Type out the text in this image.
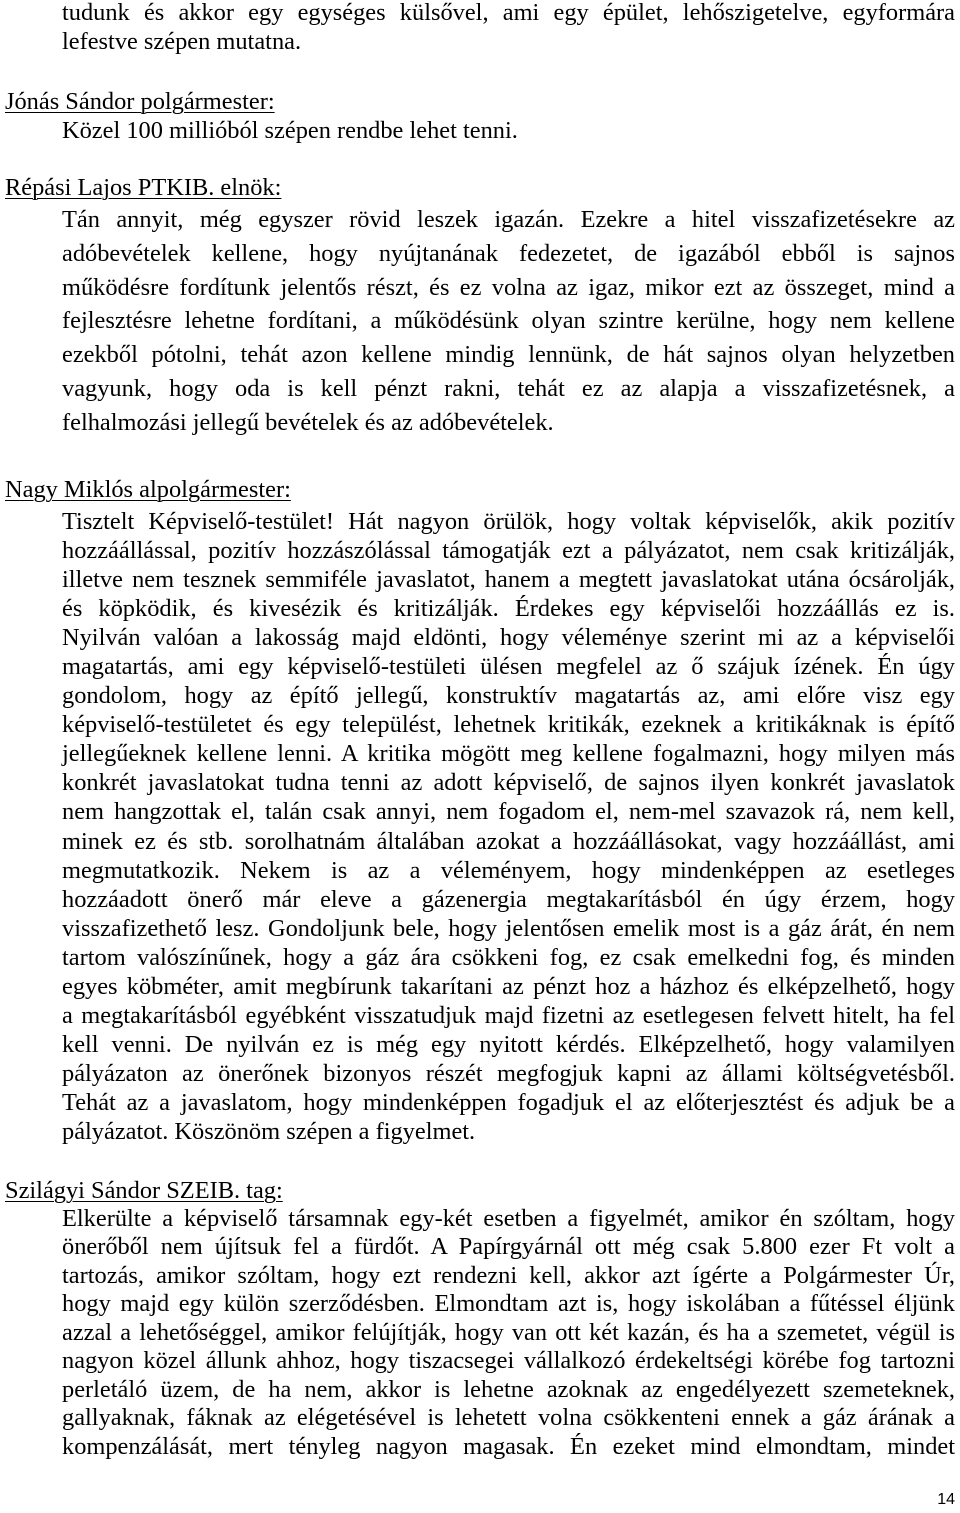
tudunk és akkor egy egységes külsővel, ami egy épület, lehőszigetelve, egyformára
lefestve szépen mutatna.
Jónás Sándor polgármester:
Közel 100 millióból szépen rendbe lehet tenni.
Répási Lajos PTKIB. elnök:
Tán annyit, még egyszer rövid leszek igazán. Ezekre a hitel visszafizetésekre az
adóbevételek kellene, hogy nyújtanának fedezetet, de igazából ebből is sajnos
működésre fordítunk jelentős részt, és ez volna az igaz, mikor ezt az összeget, mind a
fejlesztésre lehetne fordítani, a működésünk olyan szintre kerülne, hogy nem kellene
ezekből pótolni, tehát azon kellene mindig lennünk, de hát sajnos olyan helyzetben
vagyunk, hogy oda is kell pénzt rakni, tehát ez az alapja a visszafizetésnek, a
felhalmozási jellegű bevételek és az adóbevételek.
Nagy Miklós alpolgármester:
Tisztelt Képviselő-testület! Hát nagyon örülök, hogy voltak képviselők, akik pozitív
hozzáállással, pozitív hozzászólással támogatják ezt a pályázatot, nem csak kritizálják,
illetve nem tesznek semmiféle javaslatot, hanem a megtett javaslatokat utána ócsárolják,
és köpködik, és kivesézik és kritizálják. Érdekes egy képviselői hozzáállás ez is.
Nyilván valóan a lakosság majd eldönti, hogy véleménye szerint mi az a képviselői
magatartás, ami egy képviselő-testületi ülésen megfelel az ő szájuk ízének. Én úgy
gondolom, hogy az építő jellegű, konstruktív magatartás az, ami előre visz egy
képviselő-testületet és egy települést, lehetnek kritikák, ezeknek a kritikáknak is építő
jellegűeknek kellene lenni. A kritika mögött meg kellene fogalmazni, hogy milyen más
konkrét javaslatokat tudna tenni az adott képviselő, de sajnos ilyen konkrét javaslatok
nem hangzottak el, talán csak annyi, nem fogadom el, nem-mel szavazok rá, nem kell,
minek ez és stb. sorolhatnám általában azokat a hozzáállásokat, vagy hozzáállást, ami
megmutatkozik. Nekem is az a véleményem, hogy mindenképpen az esetleges
hozzáadott önerő már eleve a gázenergia megtakarításból én úgy érzem, hogy
visszafizethető lesz. Gondoljunk bele, hogy jelentősen emelik most is a gáz árát, én nem
tartom valószínűnek, hogy a gáz ára csökkeni fog, ez csak emelkedni fog, és minden
egyes köbméter, amit megbírunk takarítani az pénzt hoz a házhoz és elképzelhető, hogy
a megtakarításból egyébként visszatudjuk majd fizetni az esetlegesen felvett hitelt, ha fel
kell venni. De nyilván ez is még egy nyitott kérdés. Elképzelhető, hogy valamilyen
pályázaton az önerőnek bizonyos részét megfogjuk kapni az állami költségvetésből.
Tehát az a javaslatom, hogy mindenképpen fogadjuk el az előterjesztést és adjuk be a
pályázatot. Köszönöm szépen a figyelmet.
Szilágyi Sándor SZEIB. tag:
Elkerülte a képviselő társamnak egy-két esetben a figyelmét, amikor én szóltam, hogy
önerőből nem újítsuk fel a fürdőt. A Papírgyárnál ott még csak 5.800 ezer Ft volt a
tartozás, amikor szóltam, hogy ezt rendezni kell, akkor azt ígérte a Polgármester Úr,
hogy majd egy külön szerződésben. Elmondtam azt is, hogy iskolában a fűtéssel éljünk
azzal a lehetőséggel, amikor felújítják, hogy van ott két kazán, és ha a szemetet, végül is
nagyon közel állunk ahhoz, hogy tiszacsegei vállalkozó érdekeltségi körébe fog tartozni
perletáló üzem, de ha nem, akkor is lehetne azoknak az engedélyezett szemeteknek,
gallyaknak, fáknak az elégetésével is lehetett volna csökkenteni ennek a gáz árának a
kompenzálását, mert tényleg nagyon magasak. Én ezeket mind elmondtam, mindet
14
